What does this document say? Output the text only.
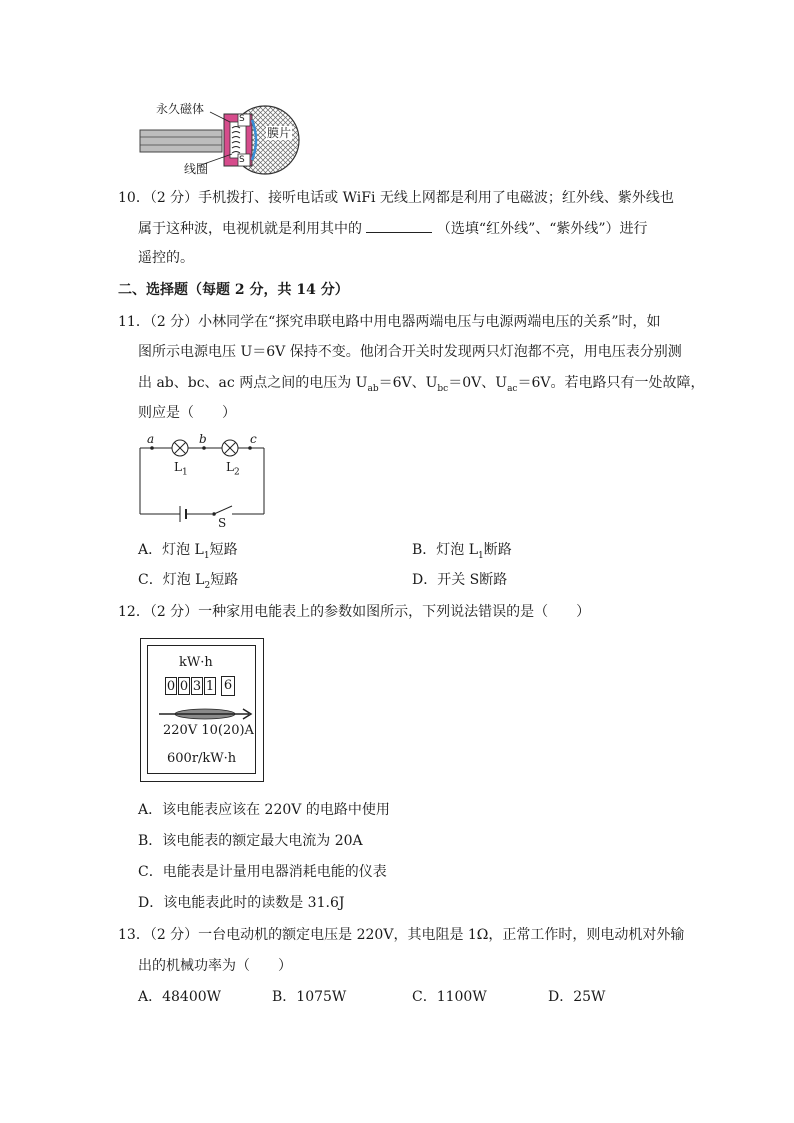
永久磁体
线圈
膜片
S
S
10．（2 分）手机拨打、接听电话或 WiFi 无线上网都是利用了电磁波；红外线、紫外线也
属于这种波，电视机就是利用其中的	（选填“红外线”、“紫外线”）进行
遥控的。
二、选择题（每题 2 分，共 14 分）
11．（2 分）小林同学在“探究串联电路中用电器两端电压与电源两端电压的关系”时，如
图所示电源电压 U＝6V 保持不变。他闭合开关时发现两只灯泡都不亮，用电压表分别测
出 ab、bc、ac 两点之间的电压为 $U_{ab}=6V$、$U_{bc}=0V$、$U_{ac}=6V$。若电路只有一处故障，
则应是（　　）
a	b	c
$L_1$	$L_2$
S
A．灯泡 $L_1$短路	B．灯泡 $L_1$断路
C．灯泡 $L_2$短路	D．开关 S断路
12．（2 分）一种家用电能表上的参数如图所示，下列说法错误的是（　　）
kW·h
0 0 3 1 6
220V 10(20)A
600r/kW·h
A．该电能表应该在 220V 的电路中使用
B．该电能表的额定最大电流为 20A
C．电能表是计量用电器消耗电能的仪表
D．该电能表此时的读数是 31.6J
13．（2 分）一台电动机的额定电压是 220V，其电阻是 1Ω，正常工作时，则电动机对外输
出的机械功率为（　　）
A．48400W	B．1075W	C．1100W	D．25W
